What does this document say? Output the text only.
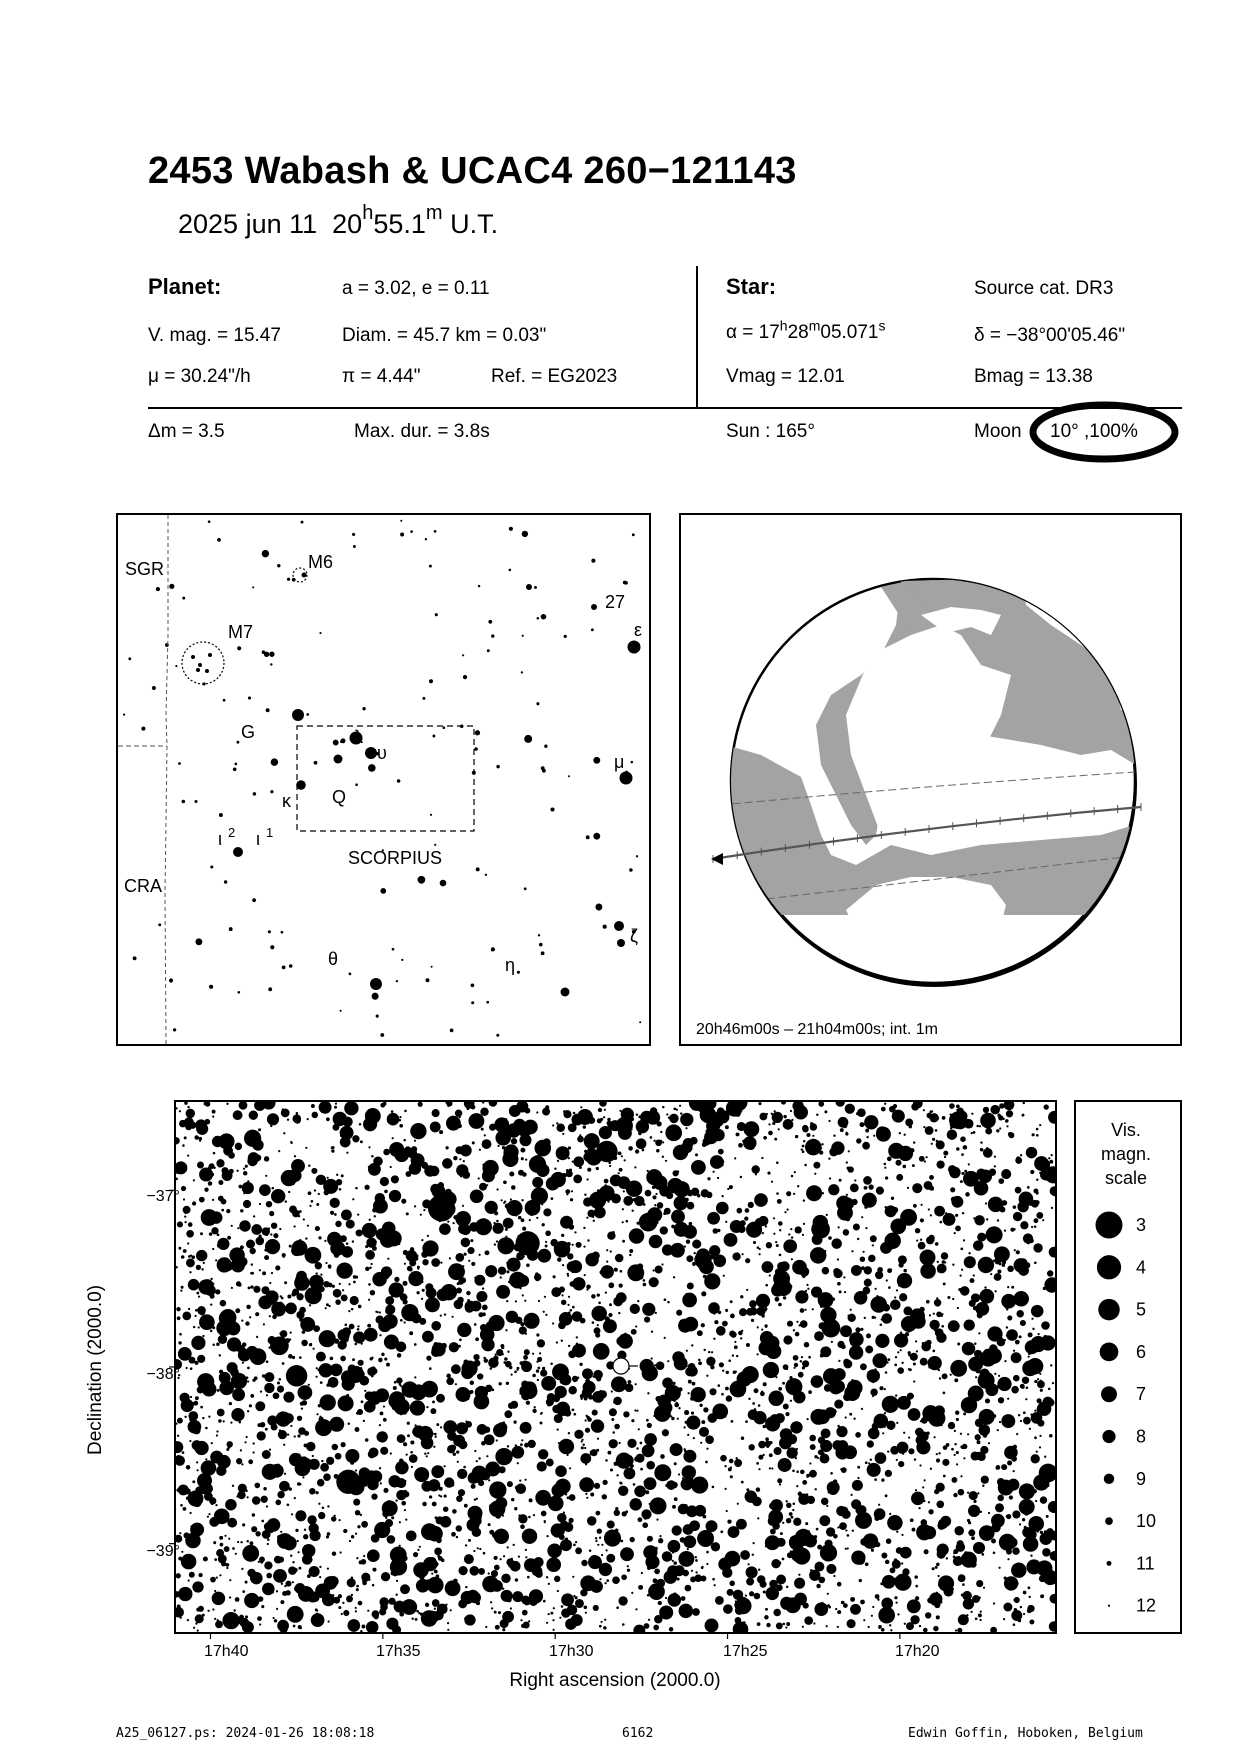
2453 Wabash & UCAC4 260−121143
2025 jun 11 20$^h$55.1$^m$ U.T.
Planet:	a = 3.02, e = 0.11
V. mag. = 15.47	Diam. = 45.7 km = 0.03"
μ = 30.24"/h	π = 4.44"	Ref. = EG2023
Star:	Source cat. DR3
$\alpha = 17^h28^m05.071^s$	δ = −38°00'05.46"
Vmag = 12.01	Bmag = 13.38
Δm = 3.5	Max. dur. = 3.8s	Sun : 165°	Moon 10° ,100%
SGR
CRA
M6
M7
27
ε
G	λ
υ	μ
κ Q
ι 2 ι 1
SCORPIUS
ζ
θ	η
20h46m00s – 21h04m00s; int. 1m
−37°
−38°
−39°
17h40	17h35	17h30	17h25	17h20
Right ascension (2000.0)
Declination (2000.0)
Vis.
magn.
scale
3
4
5
6
7
8
9
10
11
12
A25_06127.ps: 2024-01-26 18:08:18	6162	Edwin Goffin, Hoboken, Belgium
